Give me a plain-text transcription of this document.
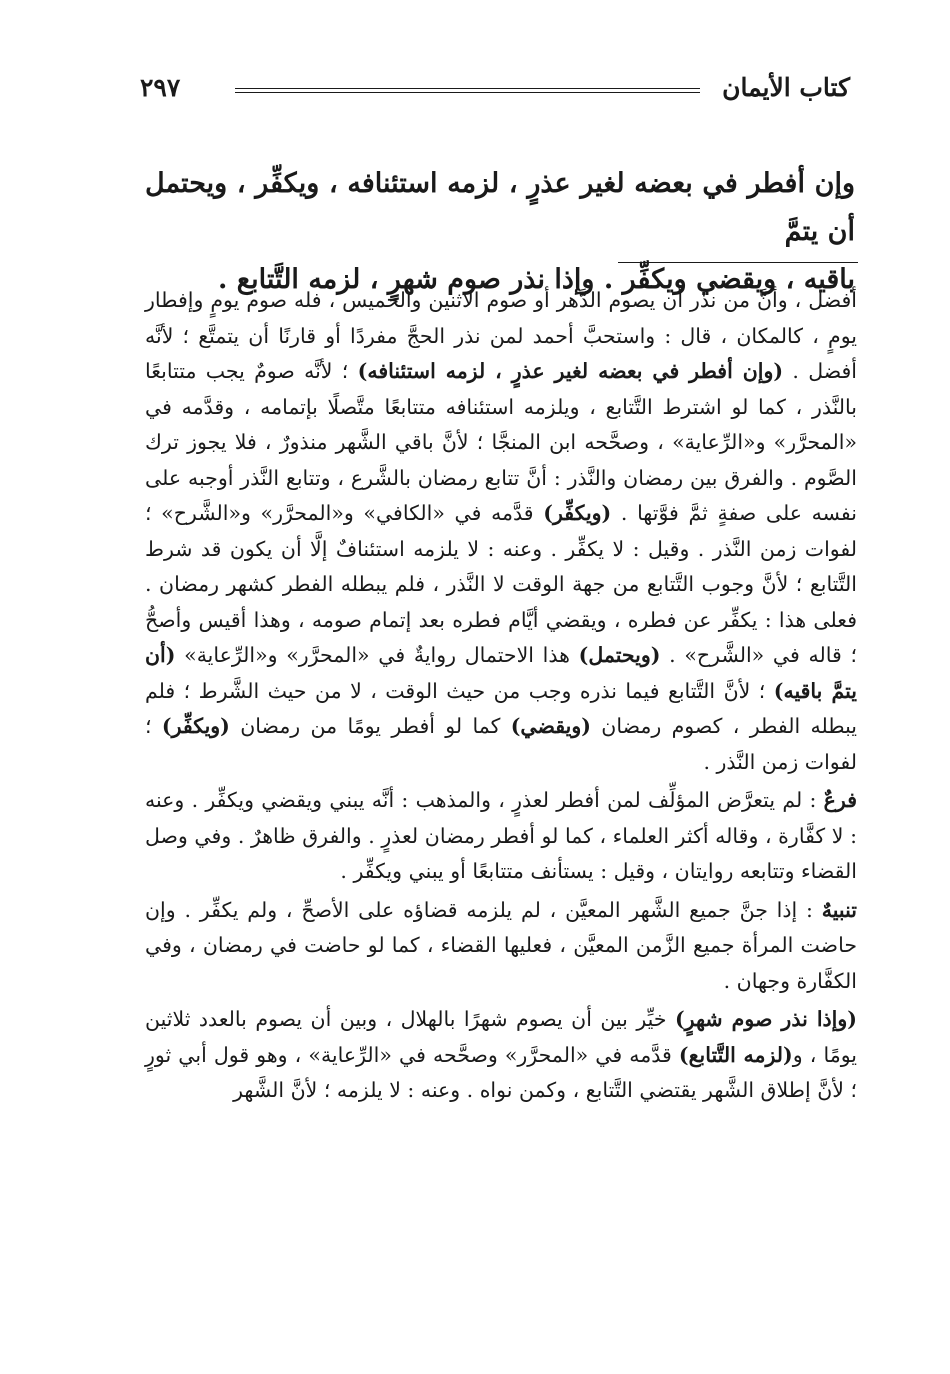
كتاب الأيمان
٢٩٧

وإن أفطر في بعضه لغير عذرٍ ، لزمه استئنافه ، ويكفِّر ، ويحتمل أن يتمَّ

باقيه ، ويقضي ويكفِّر . وإذا نذر صوم شهرٍ ، لزمه التَّتابع .

أفضل ، وأنَّ من نذر أن يصوم الدَّهر أو صوم الاثنين والخميس ، فله صوم يومٍ وإفطار يومٍ ، كالمكان ، قال : واستحبَّ أحمد لمن نذر الحجَّ مفردًا أو قارنًا أن يتمتَّع ؛ لأنَّه أفضل . (وإن أفطر في بعضه لغير عذرٍ ، لزمه استئنافه) ؛ لأنَّه صومٌ يجب متتابعًا بالنَّذر ، كما لو اشترط التَّتابع ، ويلزمه استئنافه متتابعًا متَّصلًا بإتمامه ، وقدَّمه في «المحرَّر» و«الرِّعاية» ، وصحَّحه ابن المنجَّا ؛ لأنَّ باقي الشَّهر منذورٌ ، فلا يجوز ترك الصَّوم . والفرق بين رمضان والنَّذر : أنَّ تتابع رمضان بالشَّرع ، وتتابع النَّذر أوجبه على نفسه على صفةٍ ثمَّ فوَّتها . (ويكفِّر) قدَّمه في «الكافي» و«المحرَّر» و«الشَّرح» ؛ لفوات زمن النَّذر . وقيل : لا يكفِّر . وعنه : لا يلزمه استئنافٌ إلَّا أن يكون قد شرط التَّتابع ؛ لأنَّ وجوب التَّتابع من جهة الوقت لا النَّذر ، فلم يبطله الفطر كشهر رمضان . فعلى هذا : يكفِّر عن فطره ، ويقضي أيَّام فطره بعد إتمام صومه ، وهذا أقيس وأصحُّ ؛ قاله في «الشَّرح» . (ويحتمل) هذا الاحتمال روايةٌ في «المحرَّر» و«الرِّعاية» (أن يتمَّ باقيه) ؛ لأنَّ التَّتابع فيما نذره وجب من حيث الوقت ، لا من حيث الشَّرط ؛ فلم يبطله الفطر ، كصوم رمضان (ويقضي) كما لو أفطر يومًا من رمضان (ويكفِّر) ؛ لفوات زمن النَّذر .

فرعٌ : لم يتعرَّض المؤلِّف لمن أفطر لعذرٍ ، والمذهب : أنَّه يبني ويقضي ويكفِّر . وعنه : لا كفَّارة ، وقاله أكثر العلماء ، كما لو أفطر رمضان لعذرٍ . والفرق ظاهرٌ . وفي وصل القضاء وتتابعه روايتان ، وقيل : يستأنف متتابعًا أو يبني ويكفِّر .

تنبيهٌ : إذا جنَّ جميع الشَّهر المعيَّن ، لم يلزمه قضاؤه على الأصحِّ ، ولم يكفِّر . وإن حاضت المرأة جميع الزَّمن المعيَّن ، فعليها القضاء ، كما لو حاضت في رمضان ، وفي الكفَّارة وجهان .

(وإذا نذر صوم شهرٍ) خيِّر بين أن يصوم شهرًا بالهلال ، وبين أن يصوم بالعدد ثلاثين يومًا ، و(لزمه التَّتابع) قدَّمه في «المحرَّر» وصحَّحه في «الرِّعاية» ، وهو قول أبي ثورٍ ؛ لأنَّ إطلاق الشَّهر يقتضي التَّتابع ، وكمن نواه . وعنه : لا يلزمه ؛ لأنَّ الشَّهر
